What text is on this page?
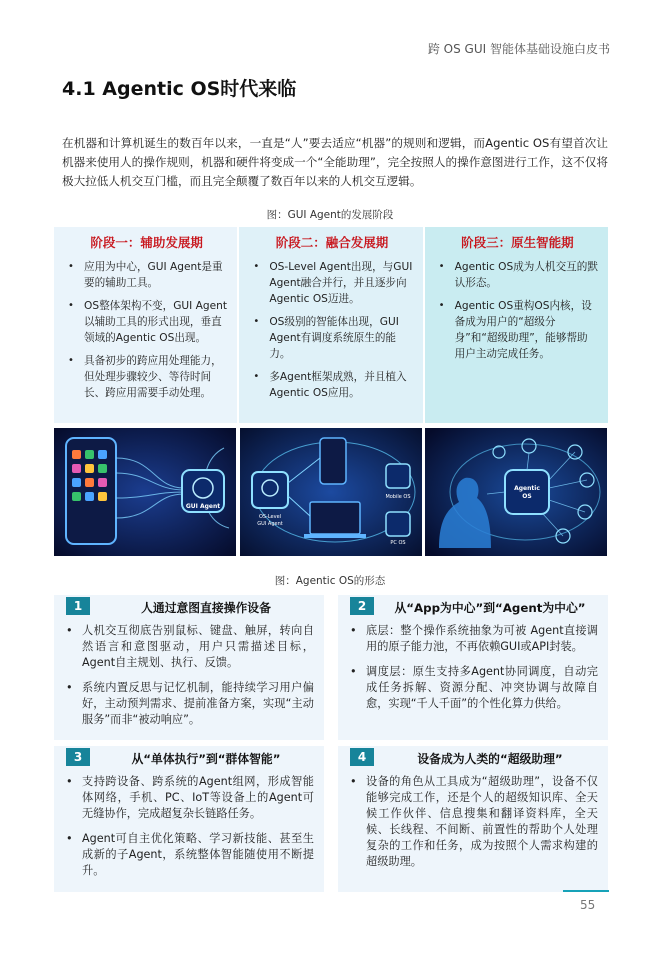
跨 OS GUI 智能体基础设施白皮书
4.1 Agentic OS时代来临

在机器和计算机诞生的数百年以来，一直是“人”要去适应“机器”的规则和逻辑，而Agentic OS有望首次让机器来使用人的操作规则，机器和硬件将变成一个“全能助理”，完全按照人的操作意图进行工作，这不仅将极大拉低人机交互门槛，而且完全颠覆了数百年以来的人机交互逻辑。

图：GUI Agent的发展阶段
阶段一：辅助发展期
• 应用为中心，GUI Agent是重要的辅助工具。
• OS整体架构不变，GUI Agent以辅助工具的形式出现，垂直领域的Agentic OS出现。
• 具备初步的跨应用处理能力，但处理步骤较少、等待时间长、跨应用需要手动处理。
阶段二：融合发展期
• OS-Level Agent出现，与GUI Agent融合并行，并且逐步向Agentic OS迈进。
• OS级别的智能体出现，GUI Agent有调度系统原生的能力。
• 多Agent框架成熟，并且植入Agentic OS应用。
阶段三：原生智能期
• Agentic OS成为人机交互的默认形态。
• Agentic OS重构OS内核，设备成为用户的“超级分身”和“超级助理”，能够帮助用户主动完成任务。
GUI Agent
OS-Level
GUI Agent
Mobile OS
PC OS
Agentic
OS
图：Agentic OS的形态
1	人通过意图直接操作设备
• 人机交互彻底告别鼠标、键盘、触屏，转向自然语言和意图驱动，用户只需描述目标，Agent自主规划、执行、反馈。
• 系统内置反思与记忆机制，能持续学习用户偏好，主动预判需求、提前准备方案，实现“主动服务”而非“被动响应”。
2	从“App为中心”到“Agent为中心”
• 底层：整个操作系统抽象为可被 Agent直接调用的原子能力池，不再依赖GUI或API封装。
• 调度层：原生支持多Agent协同调度，自动完成任务拆解、资源分配、冲突协调与故障自愈，实现“千人千面”的个性化算力供给。
3	从“单体执行”到“群体智能”
• 支持跨设备、跨系统的Agent组网，形成智能体网络，手机、PC、IoT等设备上的Agent可无缝协作，完成超复杂长链路任务。
• Agent可自主优化策略、学习新技能、甚至生成新的子Agent，系统整体智能随使用不断提升。
4	设备成为人类的“超级助理”
• 设备的角色从工具成为“超级助理”，设备不仅能够完成工作，还是个人的超级知识库、全天候工作伙伴、信息搜集和翻译资料库，全天候、长线程、不间断、前置性的帮助个人处理复杂的工作和任务，成为按照个人需求构建的超级助理。
55
